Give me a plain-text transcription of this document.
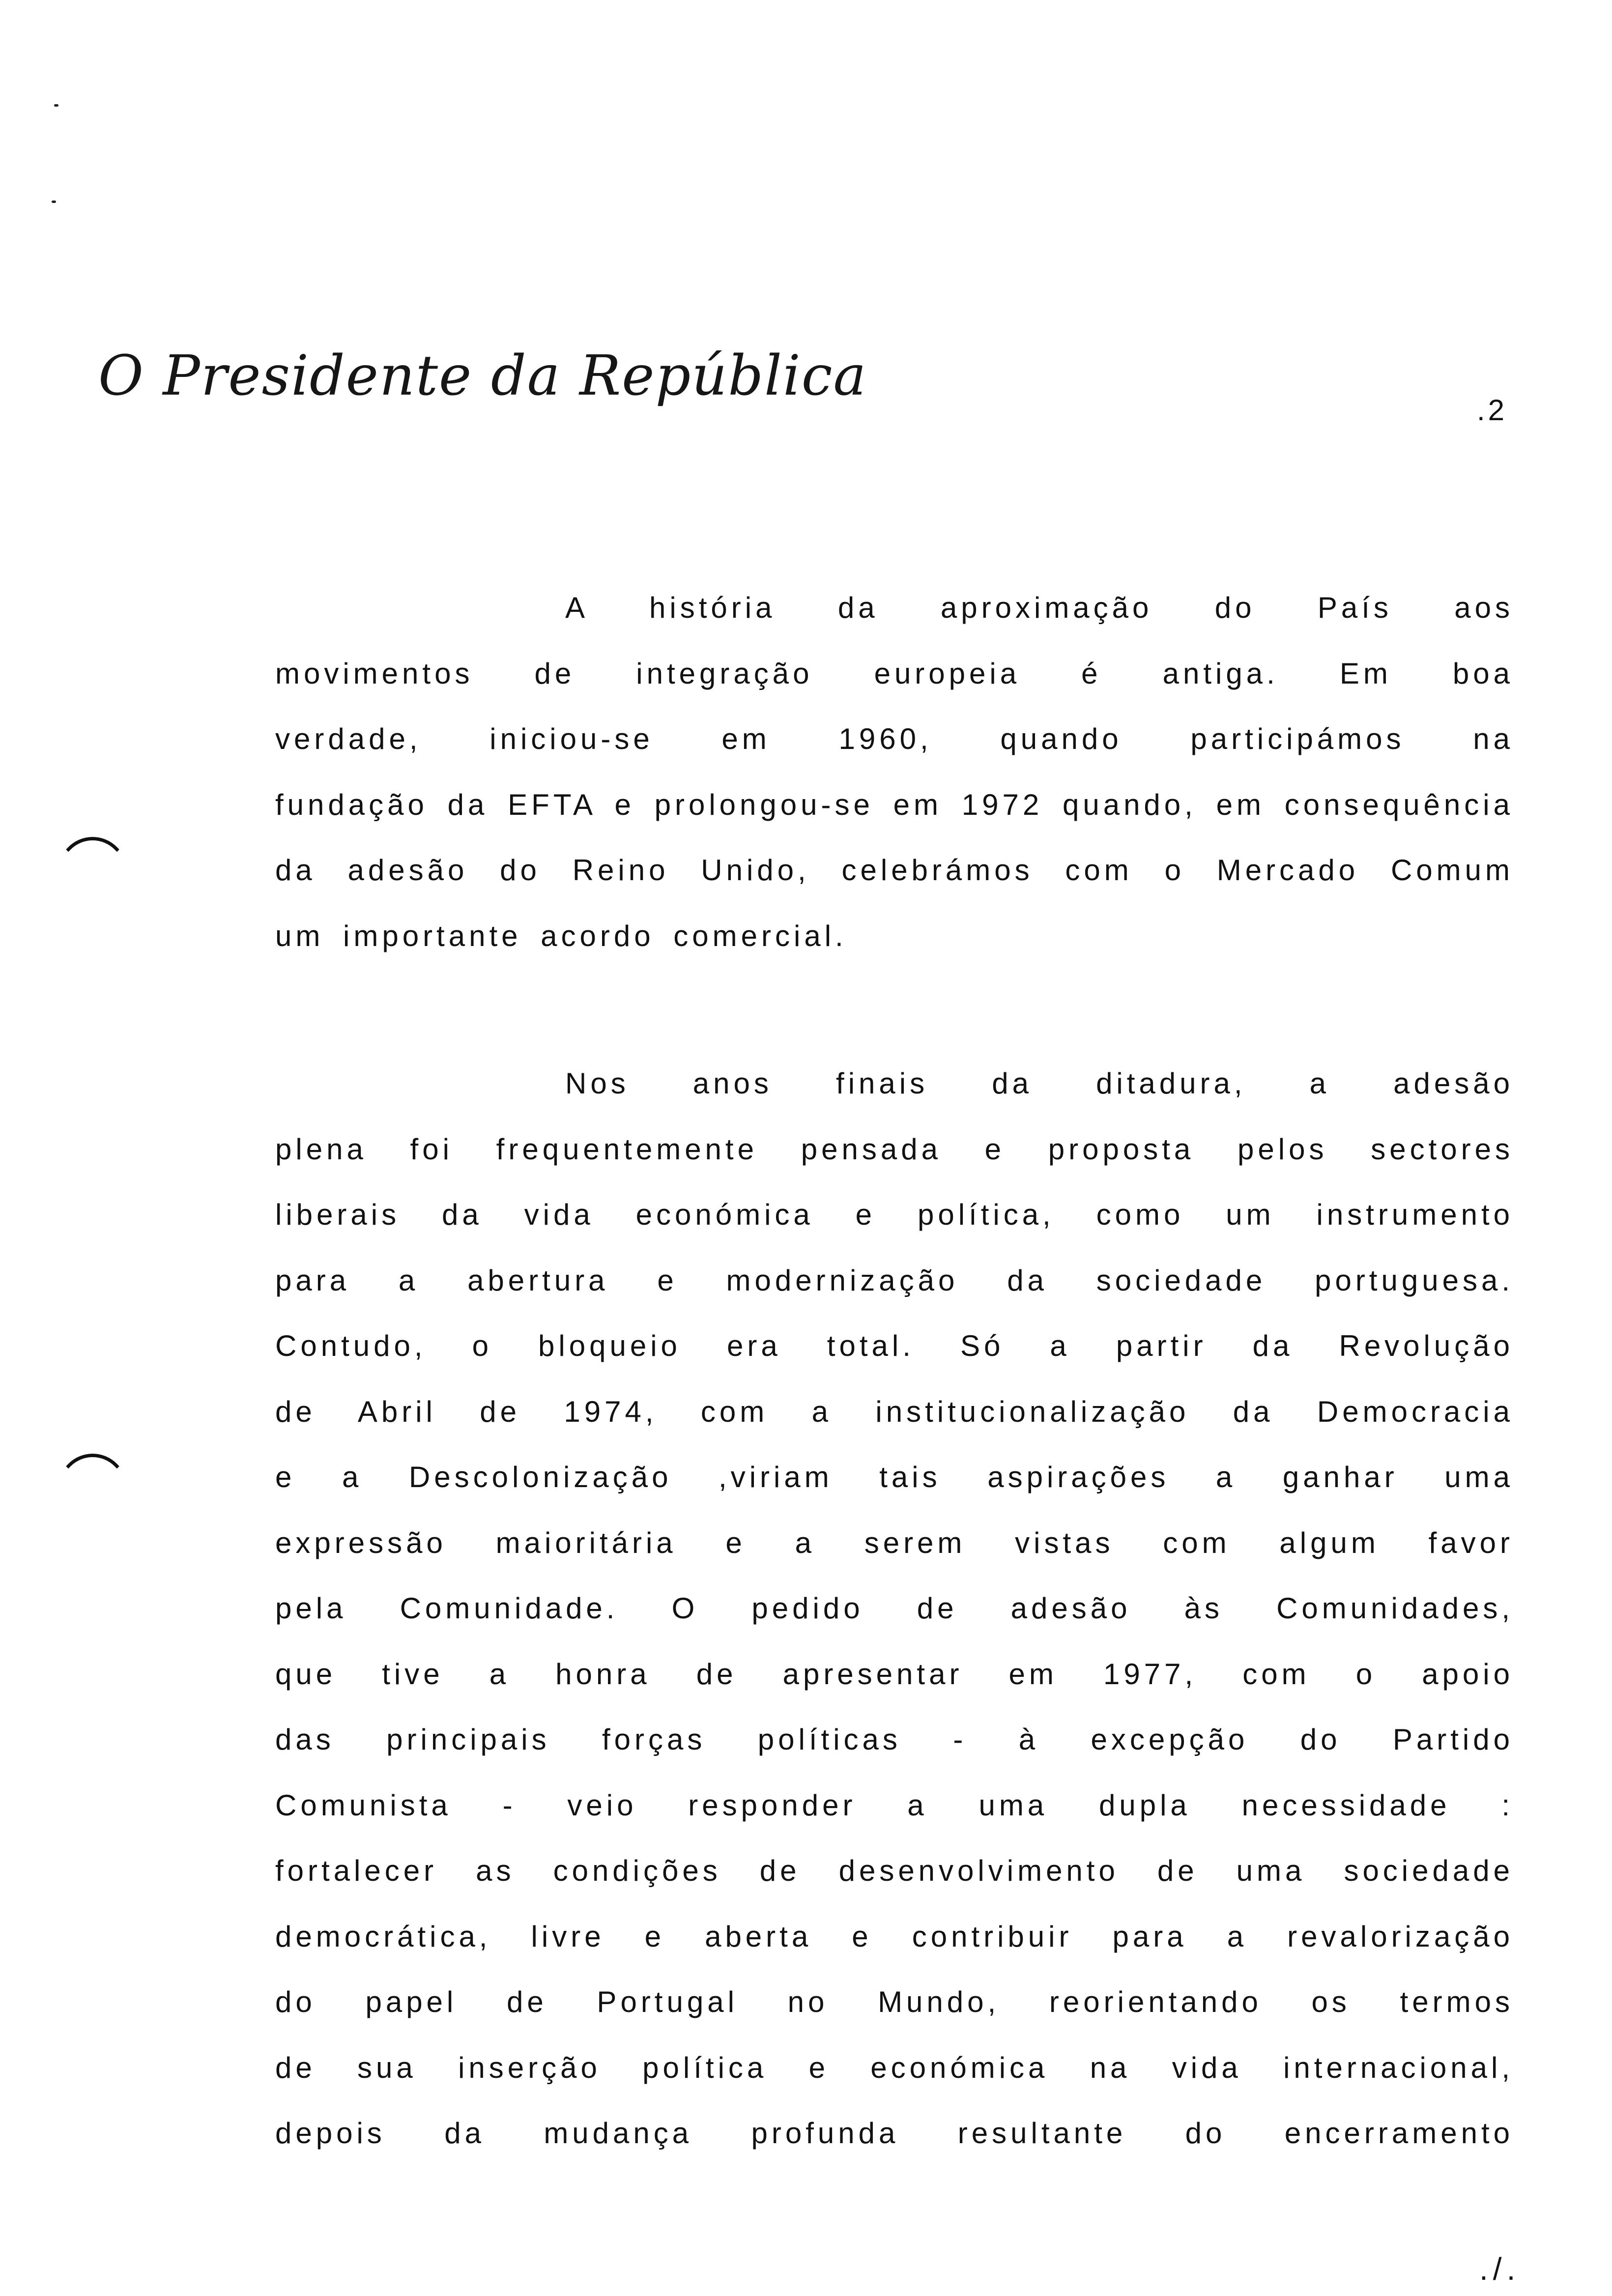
O Presidente da República
.2
A história da aproximação do País aos
movimentos de integração europeia é antiga. Em boa
verdade, iniciou-se em 1960, quando participámos na
fundação da EFTA e prolongou-se em 1972 quando, em consequência
da adesão do Reino Unido, celebrámos com o Mercado Comum
um importante acordo comercial.
Nos anos finais da ditadura, a adesão
plena foi frequentemente pensada e proposta pelos sectores
liberais da vida económica e política, como um instrumento
para a abertura e modernização da sociedade portuguesa.
Contudo, o bloqueio era total. Só a partir da Revolução
de Abril de 1974, com a institucionalização da Democracia
e a Descolonização ,viriam tais aspirações a ganhar uma
expressão maioritária e a serem vistas com algum favor
pela Comunidade. O pedido de adesão às Comunidades,
que tive a honra de apresentar em 1977, com o apoio
das principais forças políticas - à excepção do Partido
Comunista - veio responder a uma dupla necessidade :
fortalecer as condições de desenvolvimento de uma sociedade
democrática, livre e aberta e contribuir para a revalorização
do papel de Portugal no Mundo, reorientando os termos
de sua inserção política e económica na vida internacional,
depois da mudança profunda resultante do encerramento
./.
